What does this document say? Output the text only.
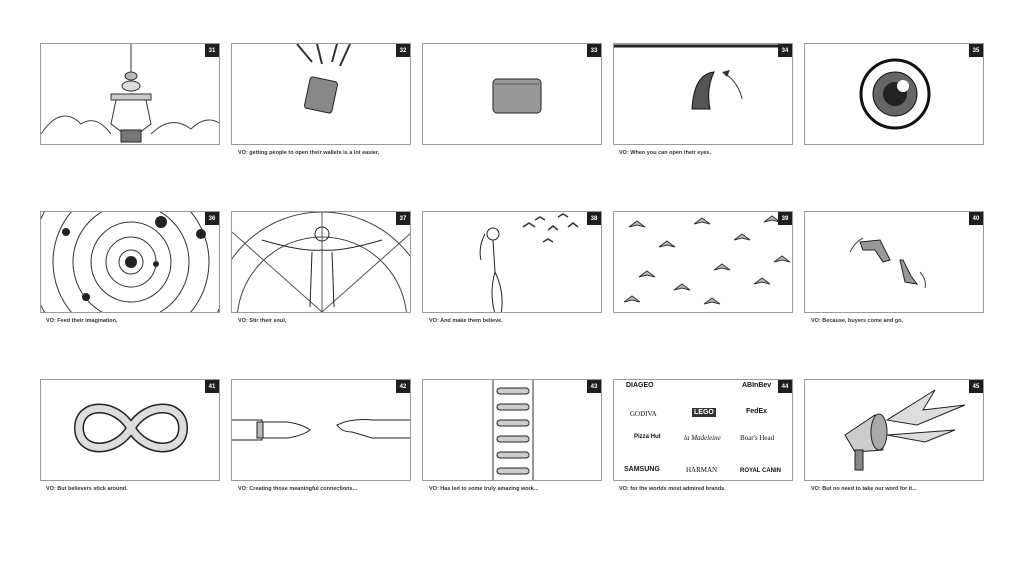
31	32
VO: getting people to open their wallets is a lot easier,
33	34
VO: When you can open their eyes,
35
36
VO: Feed their imagination,
37
VO: Stir their soul,
38
VO: And make them believe.
39	40
VO: Because, buyers come and go,
41
VO: But believers stick around.
42
VO: Creating those meaningful connections...
43
VO: Has led to some truly amazing work...
DIAGEO	ABInBev
GODIVA	LEGO	FedEx
Pizza Hut	la Madeleine	Boar's Head
SAMSUNG	HARMAN	ROYAL CANIN
44
VO: for the worlds most admired brands.
45
VO: But no need to take our word for it...
